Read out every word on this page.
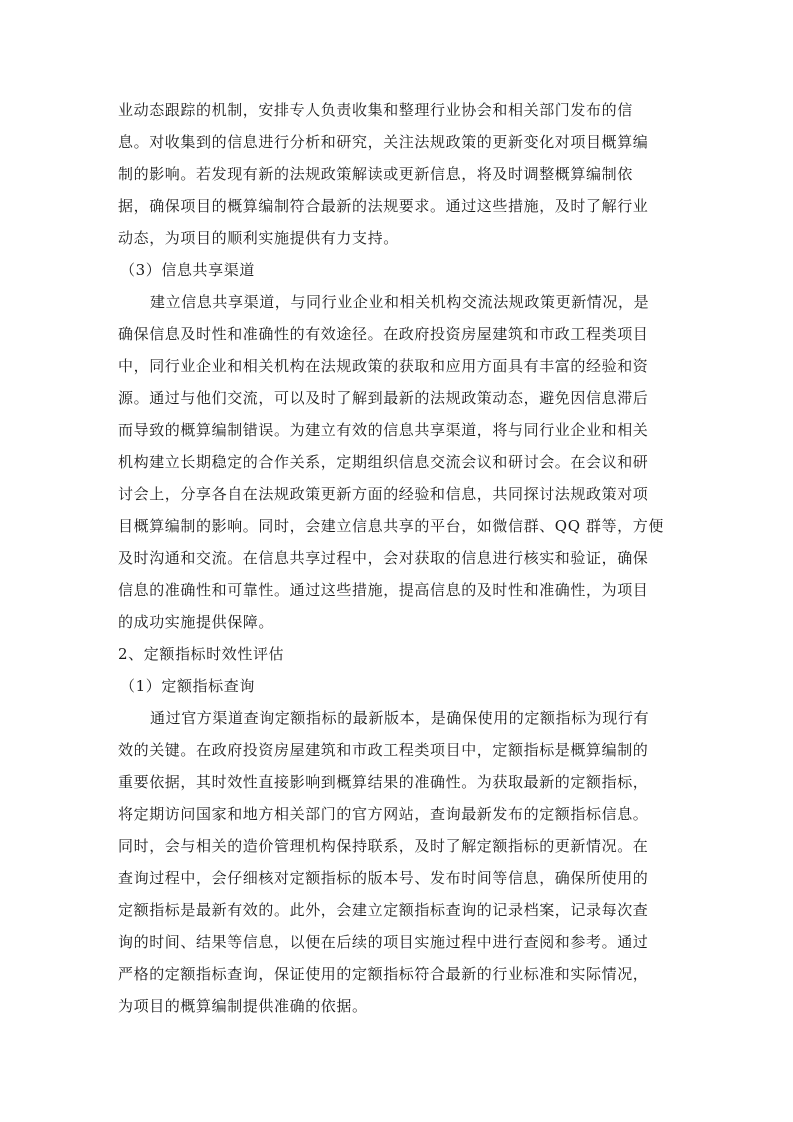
业动态跟踪的机制，安排专人负责收集和整理行业协会和相关部门发布的信
息。对收集到的信息进行分析和研究，关注法规政策的更新变化对项目概算编
制的影响。若发现有新的法规政策解读或更新信息，将及时调整概算编制依
据，确保项目的概算编制符合最新的法规要求。通过这些措施，及时了解行业
动态，为项目的顺利实施提供有力支持。
（3）信息共享渠道
建立信息共享渠道，与同行业企业和相关机构交流法规政策更新情况，是
确保信息及时性和准确性的有效途径。在政府投资房屋建筑和市政工程类项目
中，同行业企业和相关机构在法规政策的获取和应用方面具有丰富的经验和资
源。通过与他们交流，可以及时了解到最新的法规政策动态，避免因信息滞后
而导致的概算编制错误。为建立有效的信息共享渠道，将与同行业企业和相关
机构建立长期稳定的合作关系，定期组织信息交流会议和研讨会。在会议和研
讨会上，分享各自在法规政策更新方面的经验和信息，共同探讨法规政策对项
目概算编制的影响。同时，会建立信息共享的平台，如微信群、QQ 群等，方便
及时沟通和交流。在信息共享过程中，会对获取的信息进行核实和验证，确保
信息的准确性和可靠性。通过这些措施，提高信息的及时性和准确性，为项目
的成功实施提供保障。
2、定额指标时效性评估
（1）定额指标查询
通过官方渠道查询定额指标的最新版本，是确保使用的定额指标为现行有
效的关键。在政府投资房屋建筑和市政工程类项目中，定额指标是概算编制的
重要依据，其时效性直接影响到概算结果的准确性。为获取最新的定额指标，
将定期访问国家和地方相关部门的官方网站，查询最新发布的定额指标信息。
同时，会与相关的造价管理机构保持联系，及时了解定额指标的更新情况。在
查询过程中，会仔细核对定额指标的版本号、发布时间等信息，确保所使用的
定额指标是最新有效的。此外，会建立定额指标查询的记录档案，记录每次查
询的时间、结果等信息，以便在后续的项目实施过程中进行查阅和参考。通过
严格的定额指标查询，保证使用的定额指标符合最新的行业标准和实际情况，
为项目的概算编制提供准确的依据。
